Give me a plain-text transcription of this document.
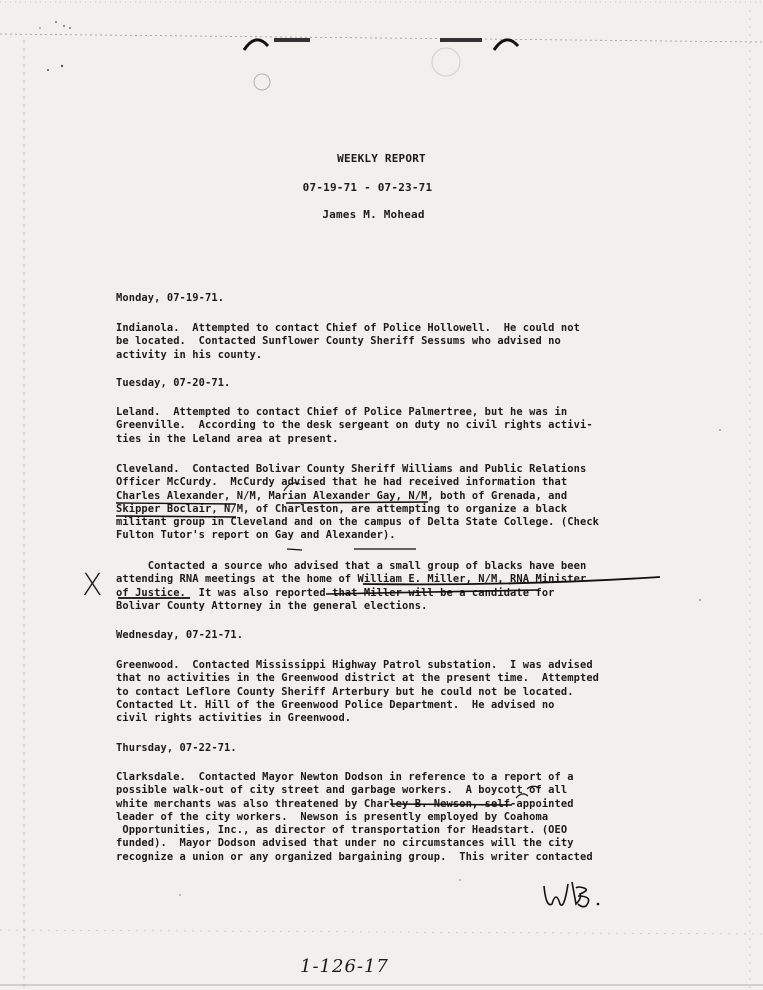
WEEKLY REPORT
07-19-71 - 07-23-71
James M. Mohead
Monday, 07-19-71.
Indianola.  Attempted to contact Chief of Police Hollowell.  He could not
be located.  Contacted Sunflower County Sheriff Sessums who advised no
activity in his county.
Tuesday, 07-20-71.
Leland.  Attempted to contact Chief of Police Palmertree, but he was in
Greenville.  According to the desk sergeant on duty no civil rights activi-
ties in the Leland area at present.
Cleveland.  Contacted Bolivar County Sheriff Williams and Public Relations
Officer McCurdy.  McCurdy advised that he had received information that
Charles Alexander, N/M, Marian Alexander Gay, N/M, both of Grenada, and
Skipper Boclair, N/M, of Charleston, are attempting to organize a black
militant group in Cleveland and on the campus of Delta State College. (Check
Fulton Tutor's report on Gay and Alexander).
Contacted a source who advised that a small group of blacks have been
attending RNA meetings at the home of William E. Miller, N/M, RNA Minister
of Justice.  It was also reported that Miller will be a candidate for
Bolivar County Attorney in the general elections.
Wednesday, 07-21-71.
Greenwood.  Contacted Mississippi Highway Patrol substation.  I was advised
that no activities in the Greenwood district at the present time.  Attempted
to contact Leflore County Sheriff Arterbury but he could not be located.
Contacted Lt. Hill of the Greenwood Police Department.  He advised no
civil rights activities in Greenwood.
Thursday, 07-22-71.
Clarksdale.  Contacted Mayor Newton Dodson in reference to a report of a
possible walk-out of city street and garbage workers.  A boycott of all
white merchants was also threatened by Charley B. Newson, self-appointed
leader of the city workers.  Newson is presently employed by Coahoma
Opportunities, Inc., as director of transportation for Headstart. (OEO
funded).  Mayor Dodson advised that under no circumstances will the city
recognize a union or any organized bargaining group.  This writer contacted
X
1-126-17
